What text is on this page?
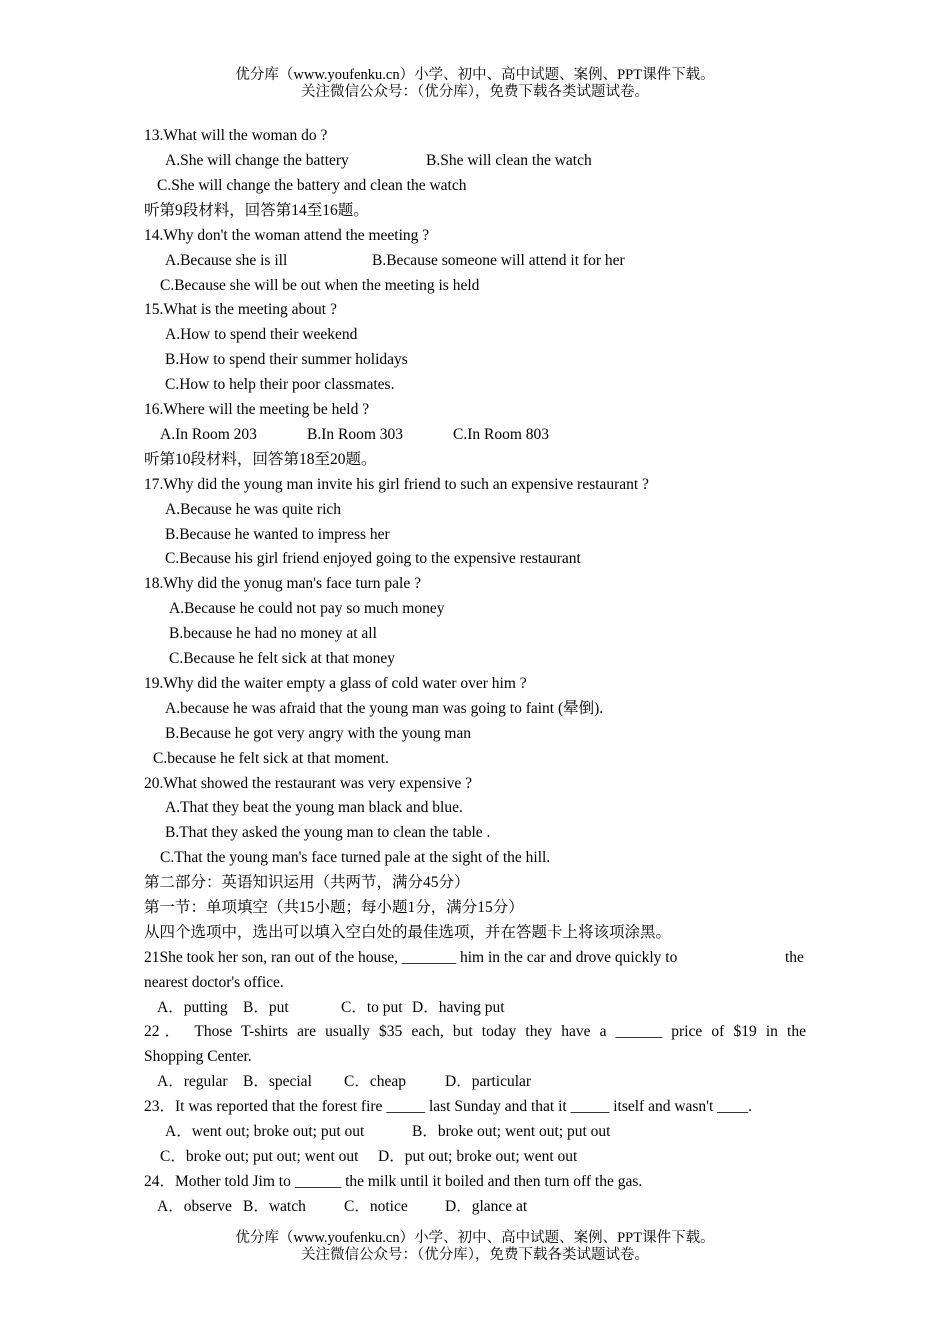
优分库（www.youfenku.cn）小学、初中、高中试题、案例、PPT课件下载。
关注微信公众号：（优分库），免费下载各类试题试卷。
13.What will the woman do ?
A.She will change the battery	B.She will clean the watch
C.She will change the battery and clean the watch
听第9段材料，回答第14至16题。
14.Why don't the woman attend the meeting ?
A.Because she is ill	B.Because someone will attend it for her
C.Because she will be out when the meeting is held
15.What is the meeting about ?
A.How to spend their weekend
B.How to spend their summer holidays
C.How to help their poor classmates.
16.Where will the meeting be held ?
A.In Room 203	B.In Room 303	C.In Room 803
听第10段材料，回答第18至20题。
17.Why did the young man invite his girl friend to such an expensive restaurant ?
A.Because he was quite rich
B.Because he wanted to impress her
C.Because his girl friend enjoyed going to the expensive restaurant
18.Why did the yonug man's face turn pale ?
A.Because he could not pay so much money
B.because he had no money at all
C.Because he felt sick at that money
19.Why did the waiter empty a glass of cold water over him ?
A.because he was afraid that the young man was going to faint (晕倒).
B.Because he got very angry with the young man
C.because he felt sick at that moment.
20.What showed the restaurant was very expensive ?
A.That they beat the young man black and blue.
B.That they asked the young man to clean the table .
C.That the young man's face turned pale at the sight of the hill.
第二部分：英语知识运用（共两节，满分45分）
第一节：单项填空（共15小题；每小题1分，满分15分）
从四个选项中，选出可以填入空白处的最佳选项，并在答题卡上将该项涂黑。
21She took her son, ran out of the house, _______ him in the car and drove quickly to	the
nearest doctor's office.
A．putting B．put	C．to put D．having put
22． Those T-shirts are usually $35 each, but today they have a ______ price of $19 in the
Shopping Center.
A．regular B．special C．cheap	D．particular
23．It was reported that the forest fire _____ last Sunday and that it _____ itself and wasn't ____.
A．went out; broke out; put out	B．broke out; went out; put out
C．broke out; put out; went out D．put out; broke out; went out
24．Mother told Jim to ______ the milk until it boiled and then turn off the gas.
A．observe B．watch C．notice D．glance at
优分库（www.youfenku.cn）小学、初中、高中试题、案例、PPT课件下载。
关注微信公众号：（优分库），免费下载各类试题试卷。
